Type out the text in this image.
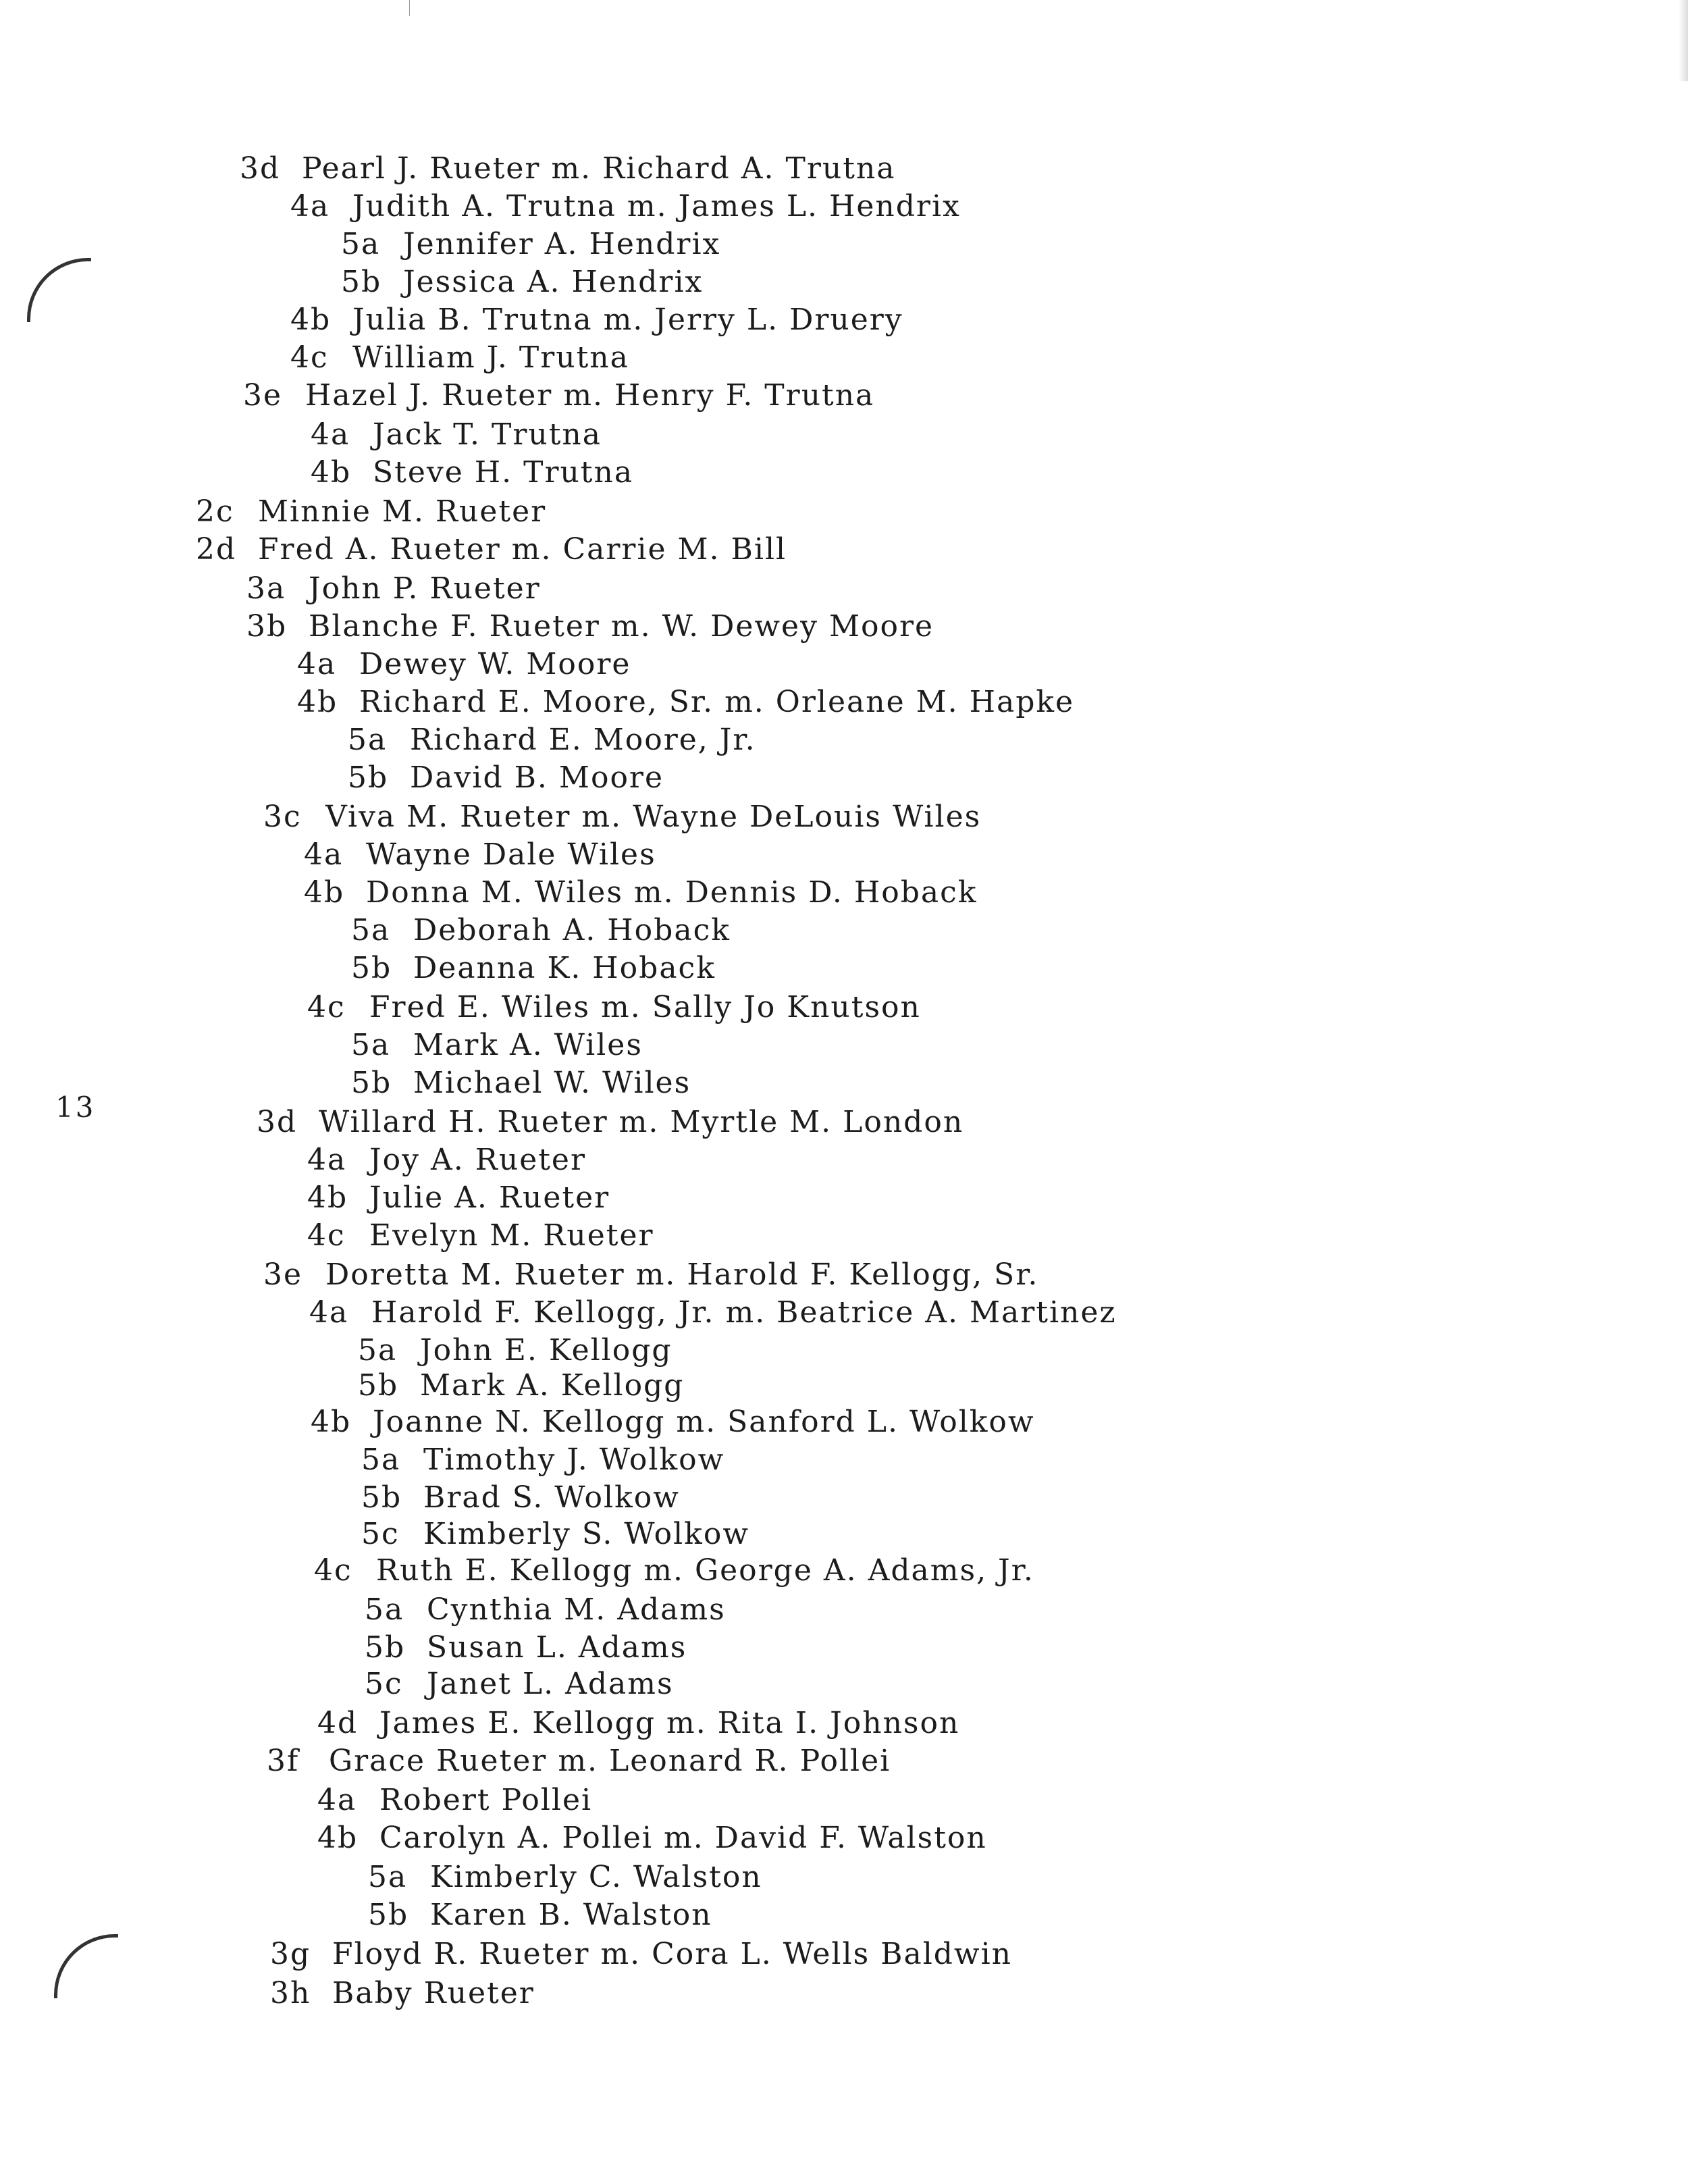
13
3d Pearl J. Rueter m. Richard A. Trutna
4a Judith A. Trutna m. James L. Hendrix
5a Jennifer A. Hendrix
5b Jessica A. Hendrix
4b Julia B. Trutna m. Jerry L. Druery
4c William J. Trutna
3e Hazel J. Rueter m. Henry F. Trutna
4a Jack T. Trutna
4b Steve H. Trutna
2c Minnie M. Rueter
2d Fred A. Rueter m. Carrie M. Bill
3a John P. Rueter
3b Blanche F. Rueter m. W. Dewey Moore
4a Dewey W. Moore
4b Richard E. Moore, Sr. m. Orleane M. Hapke
5a Richard E. Moore, Jr.
5b David B. Moore
3c Viva M. Rueter m. Wayne DeLouis Wiles
4a Wayne Dale Wiles
4b Donna M. Wiles m. Dennis D. Hoback
5a Deborah A. Hoback
5b Deanna K. Hoback
4c Fred E. Wiles m. Sally Jo Knutson
5a Mark A. Wiles
5b Michael W. Wiles
3d Willard H. Rueter m. Myrtle M. London
4a Joy A. Rueter
4b Julie A. Rueter
4c Evelyn M. Rueter
3e Doretta M. Rueter m. Harold F. Kellogg, Sr.
4a Harold F. Kellogg, Jr. m. Beatrice A. Martinez
5a John E. Kellogg
5b Mark A. Kellogg
4b Joanne N. Kellogg m. Sanford L. Wolkow
5a Timothy J. Wolkow
5b Brad S. Wolkow
5c Kimberly S. Wolkow
4c Ruth E. Kellogg m. George A. Adams, Jr.
5a Cynthia M. Adams
5b Susan L. Adams
5c Janet L. Adams
4d James E. Kellogg m. Rita I. Johnson
3f Grace Rueter m. Leonard R. Pollei
4a Robert Pollei
4b Carolyn A. Pollei m. David F. Walston
5a Kimberly C. Walston
5b Karen B. Walston
3g Floyd R. Rueter m. Cora L. Wells Baldwin
3h Baby Rueter
